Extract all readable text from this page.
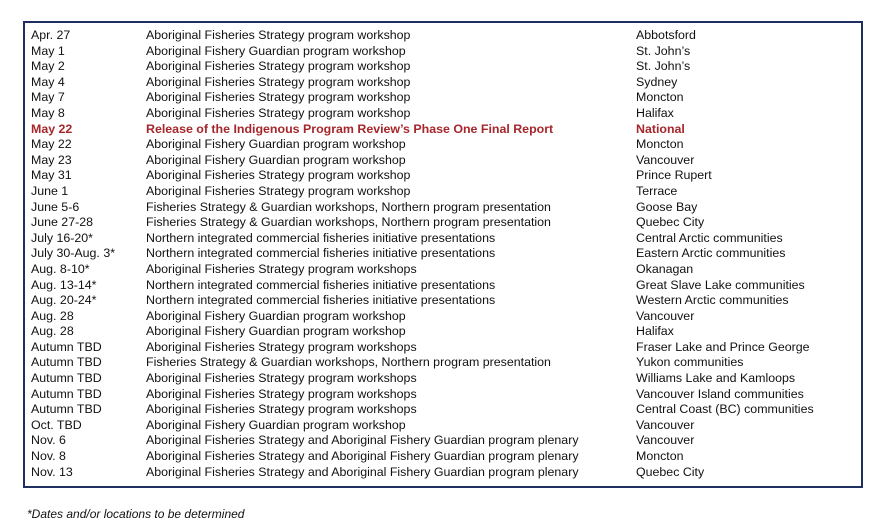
Apr. 27	Aboriginal Fisheries Strategy program workshop	Abbotsford
May 1	Aboriginal Fishery Guardian program workshop	St. John’s
May 2	Aboriginal Fisheries Strategy program workshop	St. John’s
May 4	Aboriginal Fisheries Strategy program workshop	Sydney
May 7	Aboriginal Fisheries Strategy program workshop	Moncton
May 8	Aboriginal Fisheries Strategy program workshop	Halifax
May 22	Release of the Indigenous Program Review’s Phase One Final Report	National
May 22	Aboriginal Fishery Guardian program workshop	Moncton
May 23	Aboriginal Fishery Guardian program workshop	Vancouver
May 31	Aboriginal Fisheries Strategy program workshop	Prince Rupert
June 1	Aboriginal Fisheries Strategy program workshop	Terrace
June 5-6	Fisheries Strategy & Guardian workshops, Northern program presentation	Goose Bay
June 27-28	Fisheries Strategy & Guardian workshops, Northern program presentation	Quebec City
July 16-20*	Northern integrated commercial fisheries initiative presentations	Central Arctic communities
July 30-Aug. 3*	Northern integrated commercial fisheries initiative presentations	Eastern Arctic communities
Aug. 8-10*	Aboriginal Fisheries Strategy program workshops	Okanagan
Aug. 13-14*	Northern integrated commercial fisheries initiative presentations	Great Slave Lake communities
Aug. 20-24*	Northern integrated commercial fisheries initiative presentations	Western Arctic communities
Aug. 28	Aboriginal Fishery Guardian program workshop	Vancouver
Aug. 28	Aboriginal Fishery Guardian program workshop	Halifax
Autumn TBD	Aboriginal Fisheries Strategy program workshops	Fraser Lake and Prince George
Autumn TBD	Fisheries Strategy & Guardian workshops, Northern program presentation	Yukon communities
Autumn TBD	Aboriginal Fisheries Strategy program workshops	Williams Lake and Kamloops
Autumn TBD	Aboriginal Fisheries Strategy program workshops	Vancouver Island communities
Autumn TBD	Aboriginal Fisheries Strategy program workshops	Central Coast (BC) communities
Oct. TBD	Aboriginal Fishery Guardian program workshop	Vancouver
Nov. 6	Aboriginal Fisheries Strategy and Aboriginal Fishery Guardian program plenary	Vancouver
Nov. 8	Aboriginal Fisheries Strategy and Aboriginal Fishery Guardian program plenary	Moncton
Nov. 13	Aboriginal Fisheries Strategy and Aboriginal Fishery Guardian program plenary	Quebec City
*Dates and/or locations to be determined
